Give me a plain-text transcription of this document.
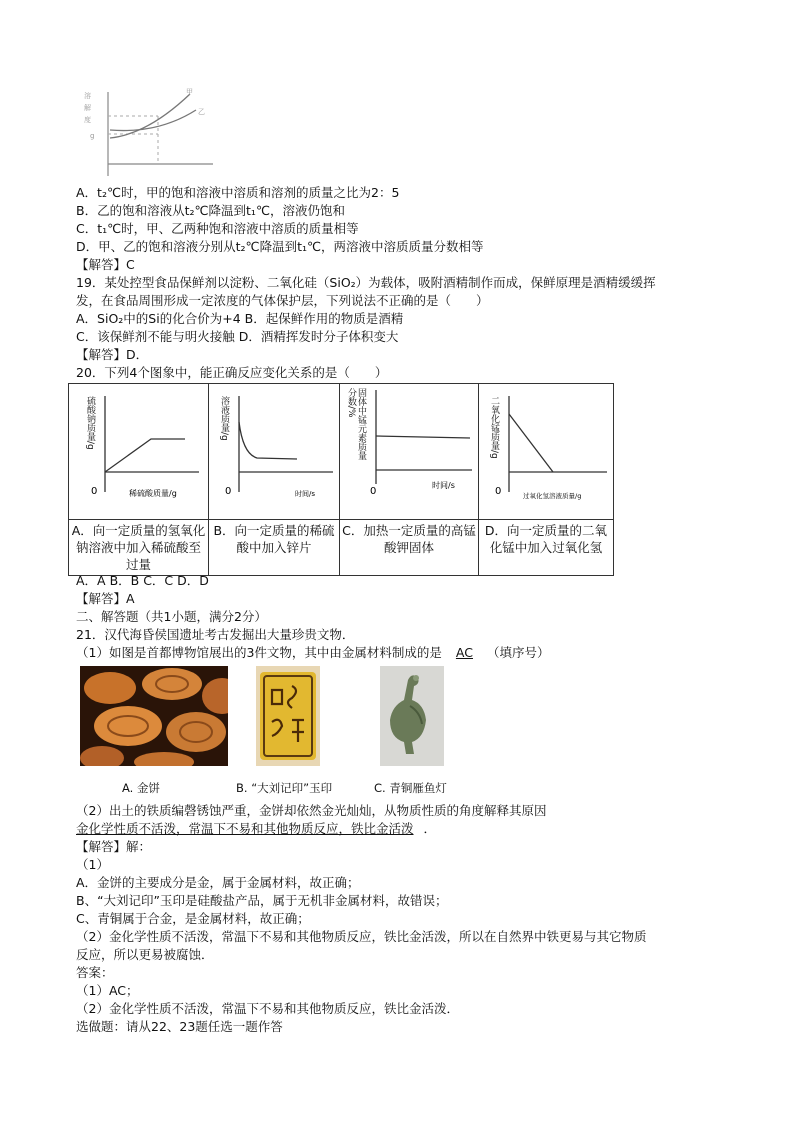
溶
解
度
g
甲
乙
A．t₂℃时，甲的饱和溶液中溶质和溶剂的质量之比为2：5
B．乙的饱和溶液从t₂℃降温到t₁℃，溶液仍饱和
C．t₁℃时，甲、乙两种饱和溶液中溶质的质量相等
D．甲、乙的饱和溶液分别从t₂℃降温到t₁℃，两溶液中溶质质量分数相等
【解答】C
19．某处控型食品保鲜剂以淀粉、二氧化硅（SiO₂）为载体，吸附酒精制作而成，保鲜原理是酒精缓缓挥
发，在食品周围形成一定浓度的气体保护层，下列说法不正确的是（　　）
A．SiO₂中的Si的化合价为+4 B．起保鲜作用的物质是酒精
C．该保鲜剂不能与明火接触 D．酒精挥发时分子体积变大
【解答】D．
20．下列4个图象中，能正确反应变化关系的是（　　）
0
硫酸钠质量/g
稀硫酸质量/g	0
溶液质量/g
时间/s	0
固体中锰元素质量分数/%
时间/s	0
二氧化锰质量/g
过氧化氢溶液质量/g

A．向一定质量的氢氧化钠溶液中加入稀硫酸至过量	B．向一定质量的稀硫酸中加入锌片	C．加热一定质量的高锰酸钾固体	D．向一定质量的二氧化锰中加入过氧化氢
A．A B．B C．C D．D
【解答】A
二、解答题（共1小题，满分2分）
21．汉代海昏侯国遗址考古发掘出大量珍贵文物．
（1）如图是首都博物馆展出的3件文物，其中由金属材料制成的是 AC （填序号）
A. 金饼	B. “大刘记印”玉印	C. 青铜雁鱼灯
（2）出土的铁质编磬锈蚀严重，金饼却依然金光灿灿，从物质性质的角度解释其原因
金化学性质不活泼，常温下不易和其他物质反应，铁比金活泼 ．
【解答】解：
（1）
A．金饼的主要成分是金，属于金属材料，故正确；
B、“大刘记印”玉印是硅酸盐产品，属于无机非金属材料，故错误；
C、青铜属于合金，是金属材料，故正确；
（2）金化学性质不活泼，常温下不易和其他物质反应，铁比金活泼，所以在自然界中铁更易与其它物质
反应，所以更易被腐蚀．
答案：
（1）AC；
（2）金化学性质不活泼，常温下不易和其他物质反应，铁比金活泼．
选做题：请从22、23题任选一题作答
